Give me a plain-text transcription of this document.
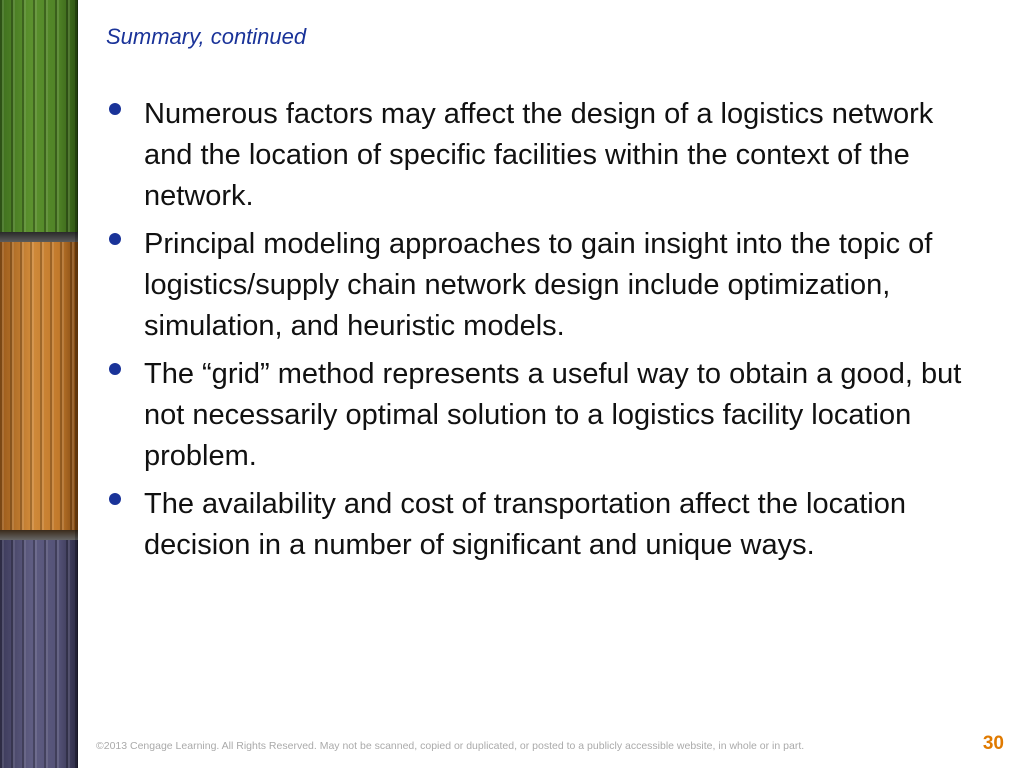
Summary, continued
Numerous factors may affect the design of a logistics network and the location of specific facilities within the context of the network.
Principal modeling approaches to gain insight into the topic of logistics/supply chain network design include optimization, simulation, and heuristic models.
The “grid” method represents a useful way to obtain a good, but not necessarily optimal solution to a logistics facility location problem.
The availability and cost of transportation affect the location decision in a number of significant and unique ways.
©2013 Cengage Learning. All Rights Reserved. May not be scanned, copied or duplicated, or posted to a publicly accessible website, in whole or in part.	30
